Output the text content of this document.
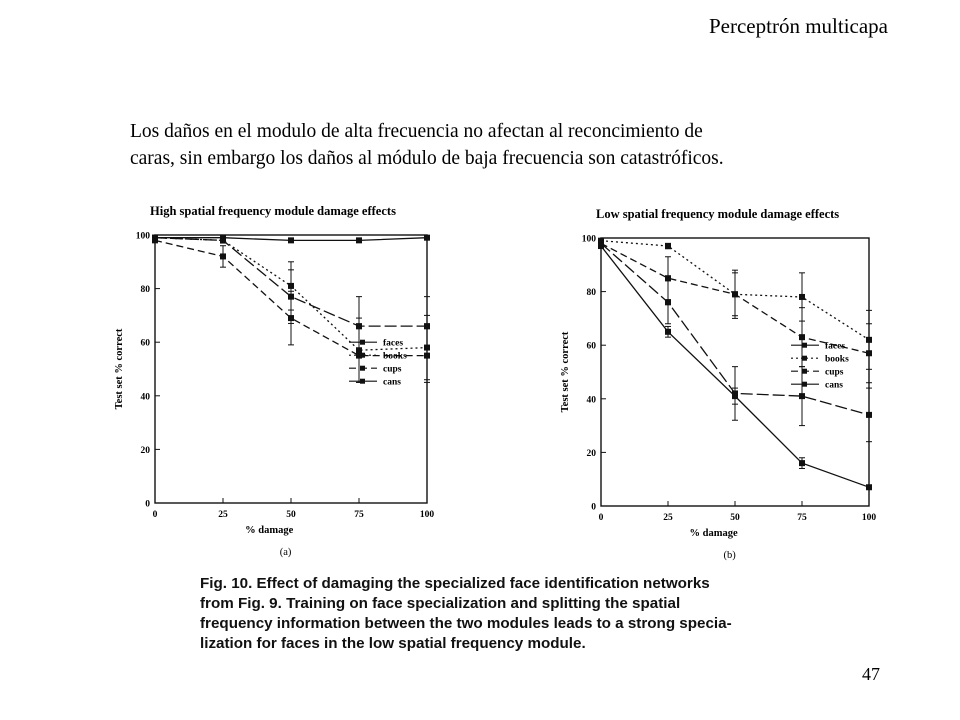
Perceptrón multicapa

Los daños en el modulo de alta frecuencia no afectan al reconcimiento de

caras, sin embargo los daños al módulo de baja frecuencia son catastróficos.

High spatial frequency module damage effects
0
20
40
60
80
100
0	25	50	75	100
% damage
Test set % correct
(a)
faces
books
cups
cans
Low spatial frequency module damage effects
0
20
40
60
80
100
0	25	50	75	100
% damage
Test set % correct
(b)
faces
books
cups
cans
Fig. 10. Effect of damaging the specialized face identification networks
from Fig. 9. Training on face specialization and splitting the spatial
frequency information between the two modules leads to a strong specia-
lization for faces in the low spatial frequency module.
47
